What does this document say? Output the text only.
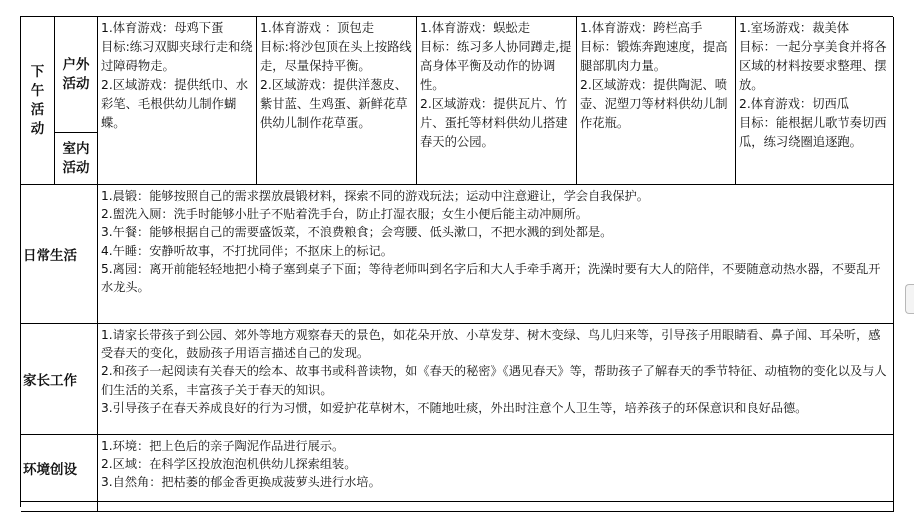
下
午
活
动
户外
活动
室内
活动

1.体育游戏：母鸡下蛋

目标:练习双脚夹球行走和绕过障碍物走。

2.区域游戏：提供纸巾、水彩笔、毛根供幼儿制作蝴蝶。

1.体育游戏 ：顶包走

目标:将沙包顶在头上按路线走，尽量保持平衡。

2.区域游戏：提供洋葱皮、紫甘蓝、生鸡蛋、新鲜花草供幼儿制作花草蛋。

1.体育游戏：蜈蚣走

目标：练习多人协同蹲走,提高身体平衡及动作的协调性。

2.区域游戏：提供瓦片、竹片、蛋托等材料供幼儿搭建春天的公园。

1.体育游戏：跨栏高手

目标：锻炼奔跑速度，提高腿部肌肉力量。

2.区域游戏：提供陶泥、喷壶、泥塑刀等材料供幼儿制作花瓶。

1.室场游戏：裁美体

目标：一起分享美食并将各区域的材料按要求整理、摆放。

2.体育游戏：切西瓜

目标：能根据儿歌节奏切西瓜，练习绕圈追逐跑。

日常生活

1.晨锻：能够按照自己的需求摆放晨锻材料，探索不同的游戏玩法；运动中注意避让，学会自我保护。

2.盥洗入厕：洗手时能够小肚子不贴着洗手台，防止打湿衣服；女生小便后能主动冲厕所。

3.午餐：能够根据自己的需要盛饭菜，不浪费粮食；会弯腰、低头漱口，不把水溅的到处都是。

4.午睡：安静听故事，不打扰同伴；不抠床上的标记。

5.离园：离开前能轻轻地把小椅子塞到桌子下面；等待老师叫到名字后和大人手牵手离开；洗澡时要有大人的陪伴，不要随意动热水器，不要乱开水龙头。

家长工作

1.请家长带孩子到公园、郊外等地方观察春天的景色，如花朵开放、小草发芽、树木变绿、鸟儿归来等，引导孩子用眼睛看、鼻子闻、耳朵听，感受春天的变化，鼓励孩子用语言描述自己的发现。

2.和孩子一起阅读有关春天的绘本、故事书或科普读物，如《春天的秘密》《遇见春天》等，帮助孩子了解春天的季节特征、动植物的变化以及与人们生活的关系，丰富孩子关于春天的知识。

3.引导孩子在春天养成良好的行为习惯，如爱护花草树木，不随地吐痰，外出时注意个人卫生等，培养孩子的环保意识和良好品德。

环境创设

1.环境：把上色后的亲子陶泥作品进行展示。

2.区域：在科学区投放泡泡机供幼儿探索组装。

3.自然角：把枯萎的郁金香更换成菠萝头进行水培。
